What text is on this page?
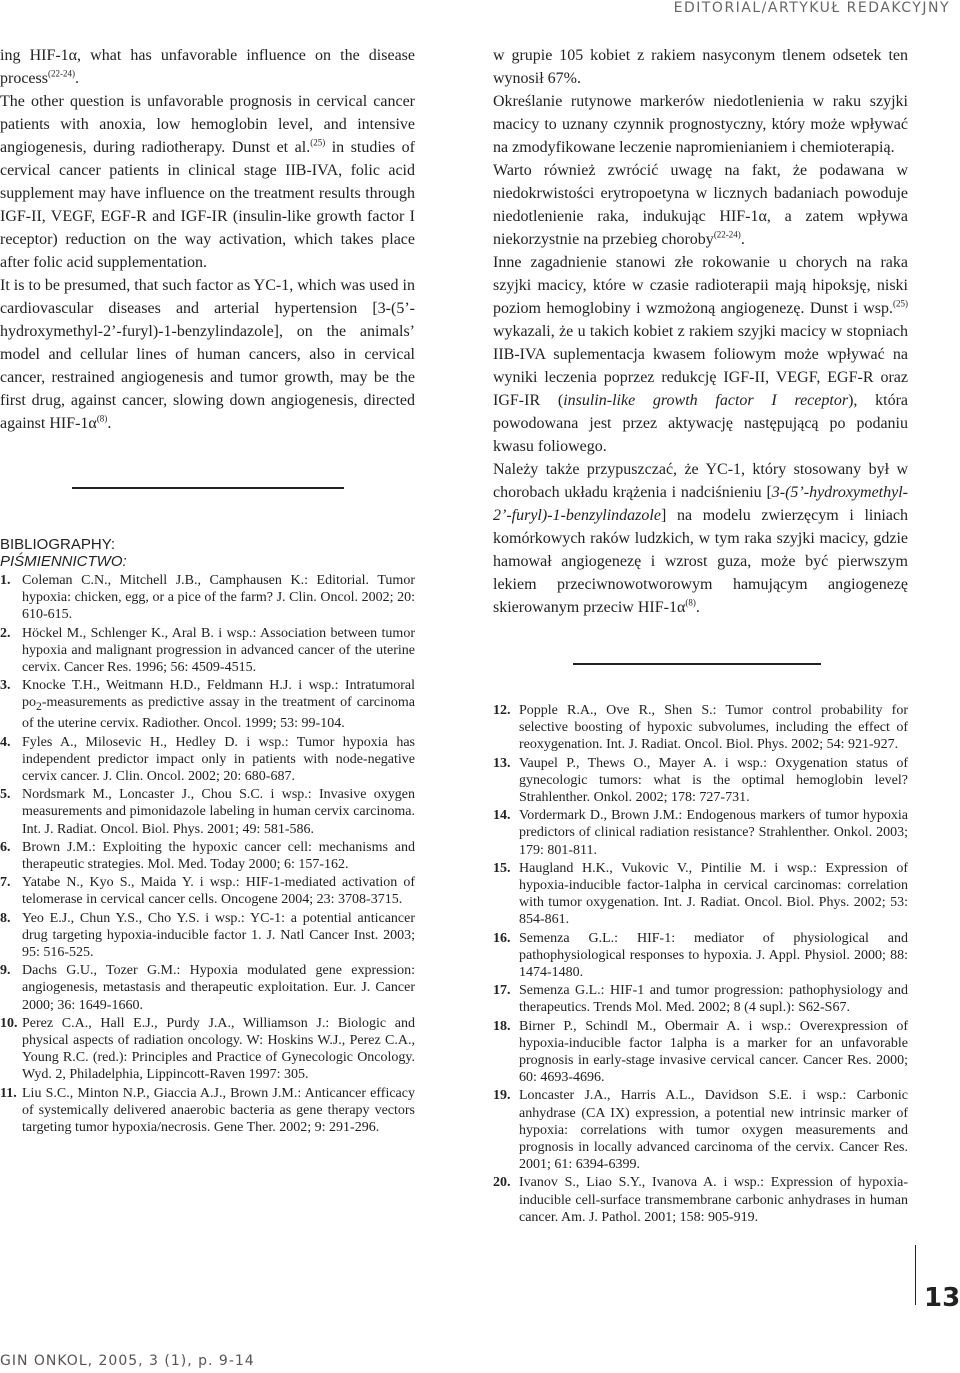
EDITORIAL/ARTYKUŁ REDAKCYJNY

ing HIF-1α, what has unfavorable influence on the disease process$^{(22-24)}$.

The other question is unfavorable prognosis in cervical cancer patients with anoxia, low hemoglobin level, and intensive angiogenesis, during radiotherapy. Dunst et al.$^{(25)}$ in studies of cervical cancer patients in clinical stage IIB-IVA, folic acid supplement may have influence on the treatment results through IGF-II, VEGF, EGF-R and IGF-IR (insulin-like growth factor I receptor) reduction on the way activation, which takes place after folic acid supplementation.

It is to be presumed, that such factor as YC-1, which was used in cardiovascular diseases and arterial hypertension [3-(5’-hydroxymethyl-2’-furyl)-1-benzylindazole], on the animals’ model and cellular lines of human cancers, also in cervical cancer, restrained angiogenesis and tumor growth, may be the first drug, against cancer, slowing down angiogenesis, directed against HIF-$1\alpha^{(8)}$.

BIBLIOGRAPHY:
PIŚMIENNICTWO:
1. Coleman C.N., Mitchell J.B., Camphausen K.: Editorial. Tumor hypoxia: chicken, egg, or a pice of the farm? J. Clin. Oncol. 2002; 20: 610-615.
2. Höckel M., Schlenger K., Aral B. i wsp.: Association between tumor hypoxia and malignant progression in advanced cancer of the uterine cervix. Cancer Res. 1996; 56: 4509-4515.
3. Knocke T.H., Weitmann H.D., Feldmann H.J. i wsp.: Intratumoral $po_2$-measurements as predictive assay in the treatment of carcinoma of the uterine cervix. Radiother. Oncol. 1999; 53: 99-104.
4. Fyles A., Milosevic H., Hedley D. i wsp.: Tumor hypoxia has independent predictor impact only in patients with node-negative cervix cancer. J. Clin. Oncol. 2002; 20: 680-687.
5. Nordsmark M., Loncaster J., Chou S.C. i wsp.: Invasive oxygen measurements and pimonidazole labeling in human cervix carcinoma. Int. J. Radiat. Oncol. Biol. Phys. 2001; 49: 581-586.
6. Brown J.M.: Exploiting the hypoxic cancer cell: mechanisms and therapeutic strategies. Mol. Med. Today 2000; 6: 157-162.
7. Yatabe N., Kyo S., Maida Y. i wsp.: HIF-1-mediated activation of telomerase in cervical cancer cells. Oncogene 2004; 23: 3708-3715.
8. Yeo E.J., Chun Y.S., Cho Y.S. i wsp.: YC-1: a potential anticancer drug targeting hypoxia-inducible factor 1. J. Natl Cancer Inst. 2003; 95: 516-525.
9. Dachs G.U., Tozer G.M.: Hypoxia modulated gene expression: angiogenesis, metastasis and therapeutic exploitation. Eur. J. Cancer 2000; 36: 1649-1660.
10. Perez C.A., Hall E.J., Purdy J.A., Williamson J.: Biologic and physical aspects of radiation oncology. W: Hoskins W.J., Perez C.A., Young R.C. (red.): Principles and Practice of Gynecologic Oncology. Wyd. 2, Philadelphia, Lippincott-Raven 1997: 305.
11. Liu S.C., Minton N.P., Giaccia A.J., Brown J.M.: Anticancer efficacy of systemically delivered anaerobic bacteria as gene therapy vectors targeting tumor hypoxia/necrosis. Gene Ther. 2002; 9: 291-296.

w grupie 105 kobiet z rakiem nasyconym tlenem odsetek ten wynosił 67%.

Określanie rutynowe markerów niedotlenienia w raku szyjki macicy to uznany czynnik prognostyczny, który może wpływać na zmodyfikowane leczenie napromienianiem i chemioterapią.

Warto również zwrócić uwagę na fakt, że podawana w niedokrwistości erytropoetyna w licznych badaniach powoduje niedotlenienie raka, indukując HIF-1α, a zatem wpływa niekorzystnie na przebieg choroby$^{(22-24)}$.

Inne zagadnienie stanowi złe rokowanie u chorych na raka szyjki macicy, które w czasie radioterapii mają hipoksję, niski poziom hemoglobiny i wzmożoną angiogenezę. Dunst i wsp.$^{(25)}$ wykazali, że u takich kobiet z rakiem szyjki macicy w stopniach IIB-IVA suplementacja kwasem foliowym może wpływać na wyniki leczenia poprzez redukcję IGF-II, VEGF, EGF-R oraz IGF-IR (insulin-like growth factor I receptor), która powodowana jest przez aktywację następującą po podaniu kwasu foliowego.

Należy także przypuszczać, że YC-1, który stosowany był w chorobach układu krążenia i nadciśnieniu [3-(5’-hydroxymethyl-2’-furyl)-1-benzylindazole] na modelu zwierzęcym i liniach komórkowych raków ludzkich, w tym raka szyjki macicy, gdzie hamował angiogenezę i wzrost guza, może być pierwszym lekiem przeciwnowotworowym hamującym angiogenezę skierowanym przeciw HIF-$1\alpha^{(8)}$.

12. Popple R.A., Ove R., Shen S.: Tumor control probability for selective boosting of hypoxic subvolumes, including the effect of reoxygenation. Int. J. Radiat. Oncol. Biol. Phys. 2002; 54: 921-927.
13. Vaupel P., Thews O., Mayer A. i wsp.: Oxygenation status of gynecologic tumors: what is the optimal hemoglobin level? Strahlenther. Onkol. 2002; 178: 727-731.
14. Vordermark D., Brown J.M.: Endogenous markers of tumor hypoxia predictors of clinical radiation resistance? Strahlenther. Onkol. 2003; 179: 801-811.
15. Haugland H.K., Vukovic V., Pintilie M. i wsp.: Expression of hypoxia-inducible factor-1alpha in cervical carcinomas: correlation with tumor oxygenation. Int. J. Radiat. Oncol. Biol. Phys. 2002; 53: 854-861.
16. Semenza G.L.: HIF-1: mediator of physiological and pathophysiological responses to hypoxia. J. Appl. Physiol. 2000; 88: 1474-1480.
17. Semenza G.L.: HIF-1 and tumor progression: pathophysiology and therapeutics. Trends Mol. Med. 2002; 8 (4 supl.): S62-S67.
18. Birner P., Schindl M., Obermair A. i wsp.: Overexpression of hypoxia-inducible factor 1alpha is a marker for an unfavorable prognosis in early-stage invasive cervical cancer. Cancer Res. 2000; 60: 4693-4696.
19. Loncaster J.A., Harris A.L., Davidson S.E. i wsp.: Carbonic anhydrase (CA IX) expression, a potential new intrinsic marker of hypoxia: correlations with tumor oxygen measurements and prognosis in locally advanced carcinoma of the cervix. Cancer Res. 2001; 61: 6394-6399.
20. Ivanov S., Liao S.Y., Ivanova A. i wsp.: Expression of hypoxia-inducible cell-surface transmembrane carbonic anhydrases in human cancer. Am. J. Pathol. 2001; 158: 905-919.
13
GIN ONKOL, 2005, 3 (1), p. 9-14
